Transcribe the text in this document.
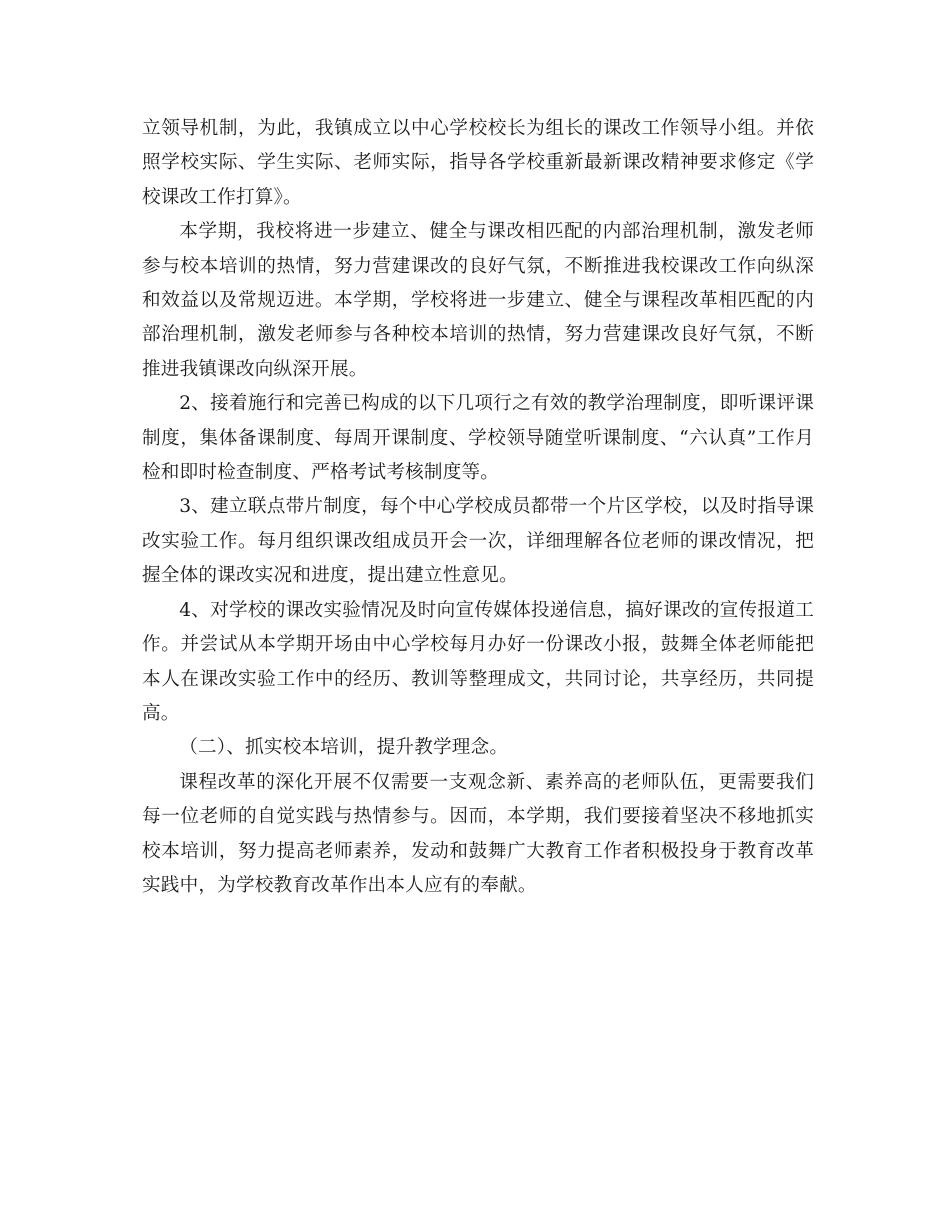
立领导机制，为此，我镇成立以中心学校校长为组长的课改工作领导小组。并依照学校实际、学生实际、老师实际，指导各学校重新最新课改精神要求修定《学校课改工作打算》。

本学期，我校将进一步建立、健全与课改相匹配的内部治理机制，激发老师参与校本培训的热情，努力营建课改的良好气氛，不断推进我校课改工作向纵深和效益以及常规迈进。本学期，学校将进一步建立、健全与课程改革相匹配的内部治理机制，激发老师参与各种校本培训的热情，努力营建课改良好气氛，不断推进我镇课改向纵深开展。

2、接着施行和完善已构成的以下几项行之有效的教学治理制度，即听课评课制度，集体备课制度、每周开课制度、学校领导随堂听课制度、“六认真”工作月检和即时检查制度、严格考试考核制度等。

3、建立联点带片制度，每个中心学校成员都带一个片区学校，以及时指导课改实验工作。每月组织课改组成员开会一次，详细理解各位老师的课改情况，把握全体的课改实况和进度，提出建立性意见。

4、对学校的课改实验情况及时向宣传媒体投递信息，搞好课改的宣传报道工作。并尝试从本学期开场由中心学校每月办好一份课改小报，鼓舞全体老师能把本人在课改实验工作中的经历、教训等整理成文，共同讨论，共享经历，共同提高。

（二）、抓实校本培训，提升教学理念。

课程改革的深化开展不仅需要一支观念新、素养高的老师队伍，更需要我们每一位老师的自觉实践与热情参与。因而，本学期，我们要接着坚决不移地抓实校本培训，努力提高老师素养，发动和鼓舞广大教育工作者积极投身于教育改革实践中，为学校教育改革作出本人应有的奉献。
